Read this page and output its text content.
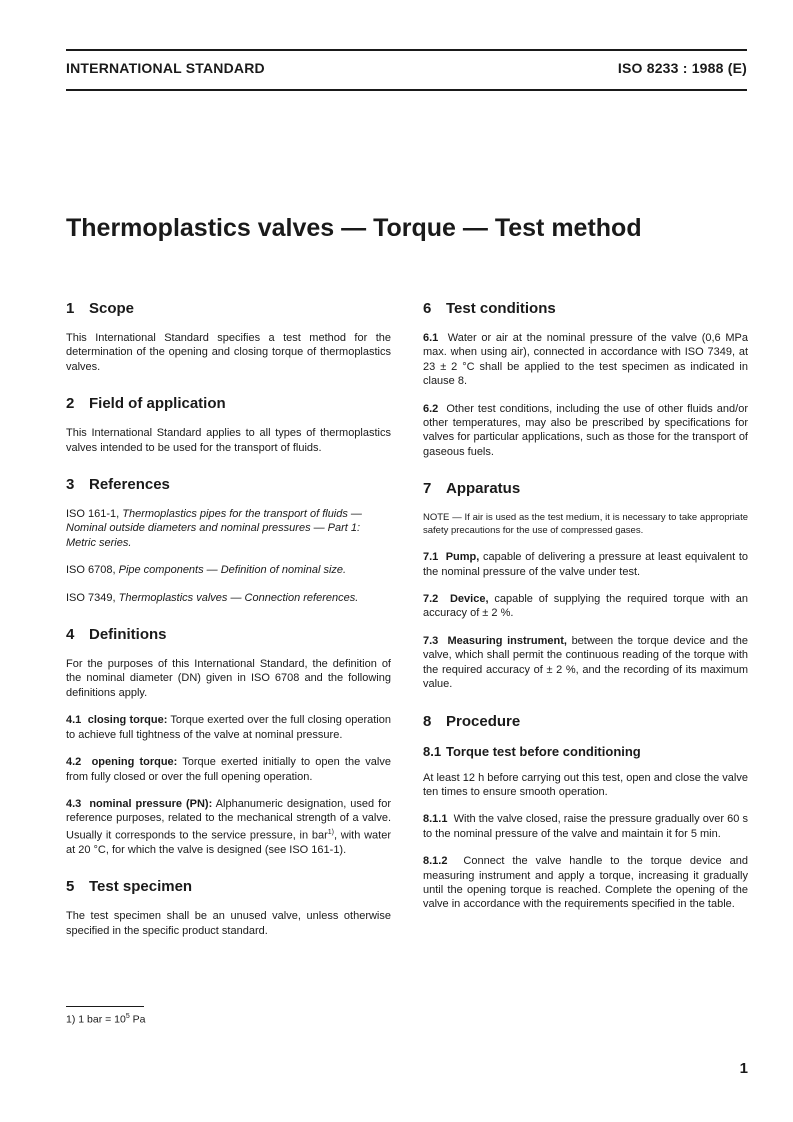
INTERNATIONAL STANDARD	ISO 8233 : 1988 (E)
Thermoplastics valves — Torque — Test method
1 Scope

This International Standard specifies a test method for the determination of the opening and closing torque of thermoplastics valves.

2 Field of application

This International Standard applies to all types of thermoplastics valves intended to be used for the transport of fluids.

3 References

ISO 161-1, Thermoplastics pipes for the transport of fluids — Nominal outside diameters and nominal pressures — Part 1: Metric series.

ISO 6708, Pipe components — Definition of nominal size.

ISO 7349, Thermoplastics valves — Connection references.

4 Definitions

For the purposes of this International Standard, the definition of the nominal diameter (DN) given in ISO 6708 and the following definitions apply.

4.1 closing torque: Torque exerted over the full closing operation to achieve full tightness of the valve at nominal pressure.

4.2 opening torque: Torque exerted initially to open the valve from fully closed or over the full opening operation.

4.3 nominal pressure (PN): Alphanumeric designation, used for reference purposes, related to the mechanical strength of a valve. Usually it corresponds to the service pressure, in bar$^{1)}$, with water at 20 °C, for which the valve is designed (see ISO 161-1).

5 Test specimen

The test specimen shall be an unused valve, unless otherwise specified in the specific product standard.

6 Test conditions

6.1 Water or air at the nominal pressure of the valve (0,6 MPa max. when using air), connected in accordance with ISO 7349, at 23 ± 2 °C shall be applied to the test specimen as indicated in clause 8.

6.2 Other test conditions, including the use of other fluids and/or other temperatures, may also be prescribed by specifications for valves for particular applications, such as those for the transport of gaseous fuels.

7 Apparatus

NOTE — If air is used as the test medium, it is necessary to take appropriate safety precautions for the use of compressed gases.

7.1 Pump, capable of delivering a pressure at least equivalent to the nominal pressure of the valve under test.

7.2 Device, capable of supplying the required torque with an accuracy of ± 2 %.

7.3 Measuring instrument, between the torque device and the valve, which shall permit the continuous reading of the torque with the required accuracy of ± 2 %, and the recording of its maximum value.

8 Procedure
8.1 Torque test before conditioning

At least 12 h before carrying out this test, open and close the valve ten times to ensure smooth operation.

8.1.1 With the valve closed, raise the pressure gradually over 60 s to the nominal pressure of the valve and maintain it for 5 min.

8.1.2 Connect the valve handle to the torque device and measuring instrument and apply a torque, increasing it gradually until the opening torque is reached. Complete the opening of the valve in accordance with the requirements specified in the table.

1) 1 bar = $10^5$ Pa
1
